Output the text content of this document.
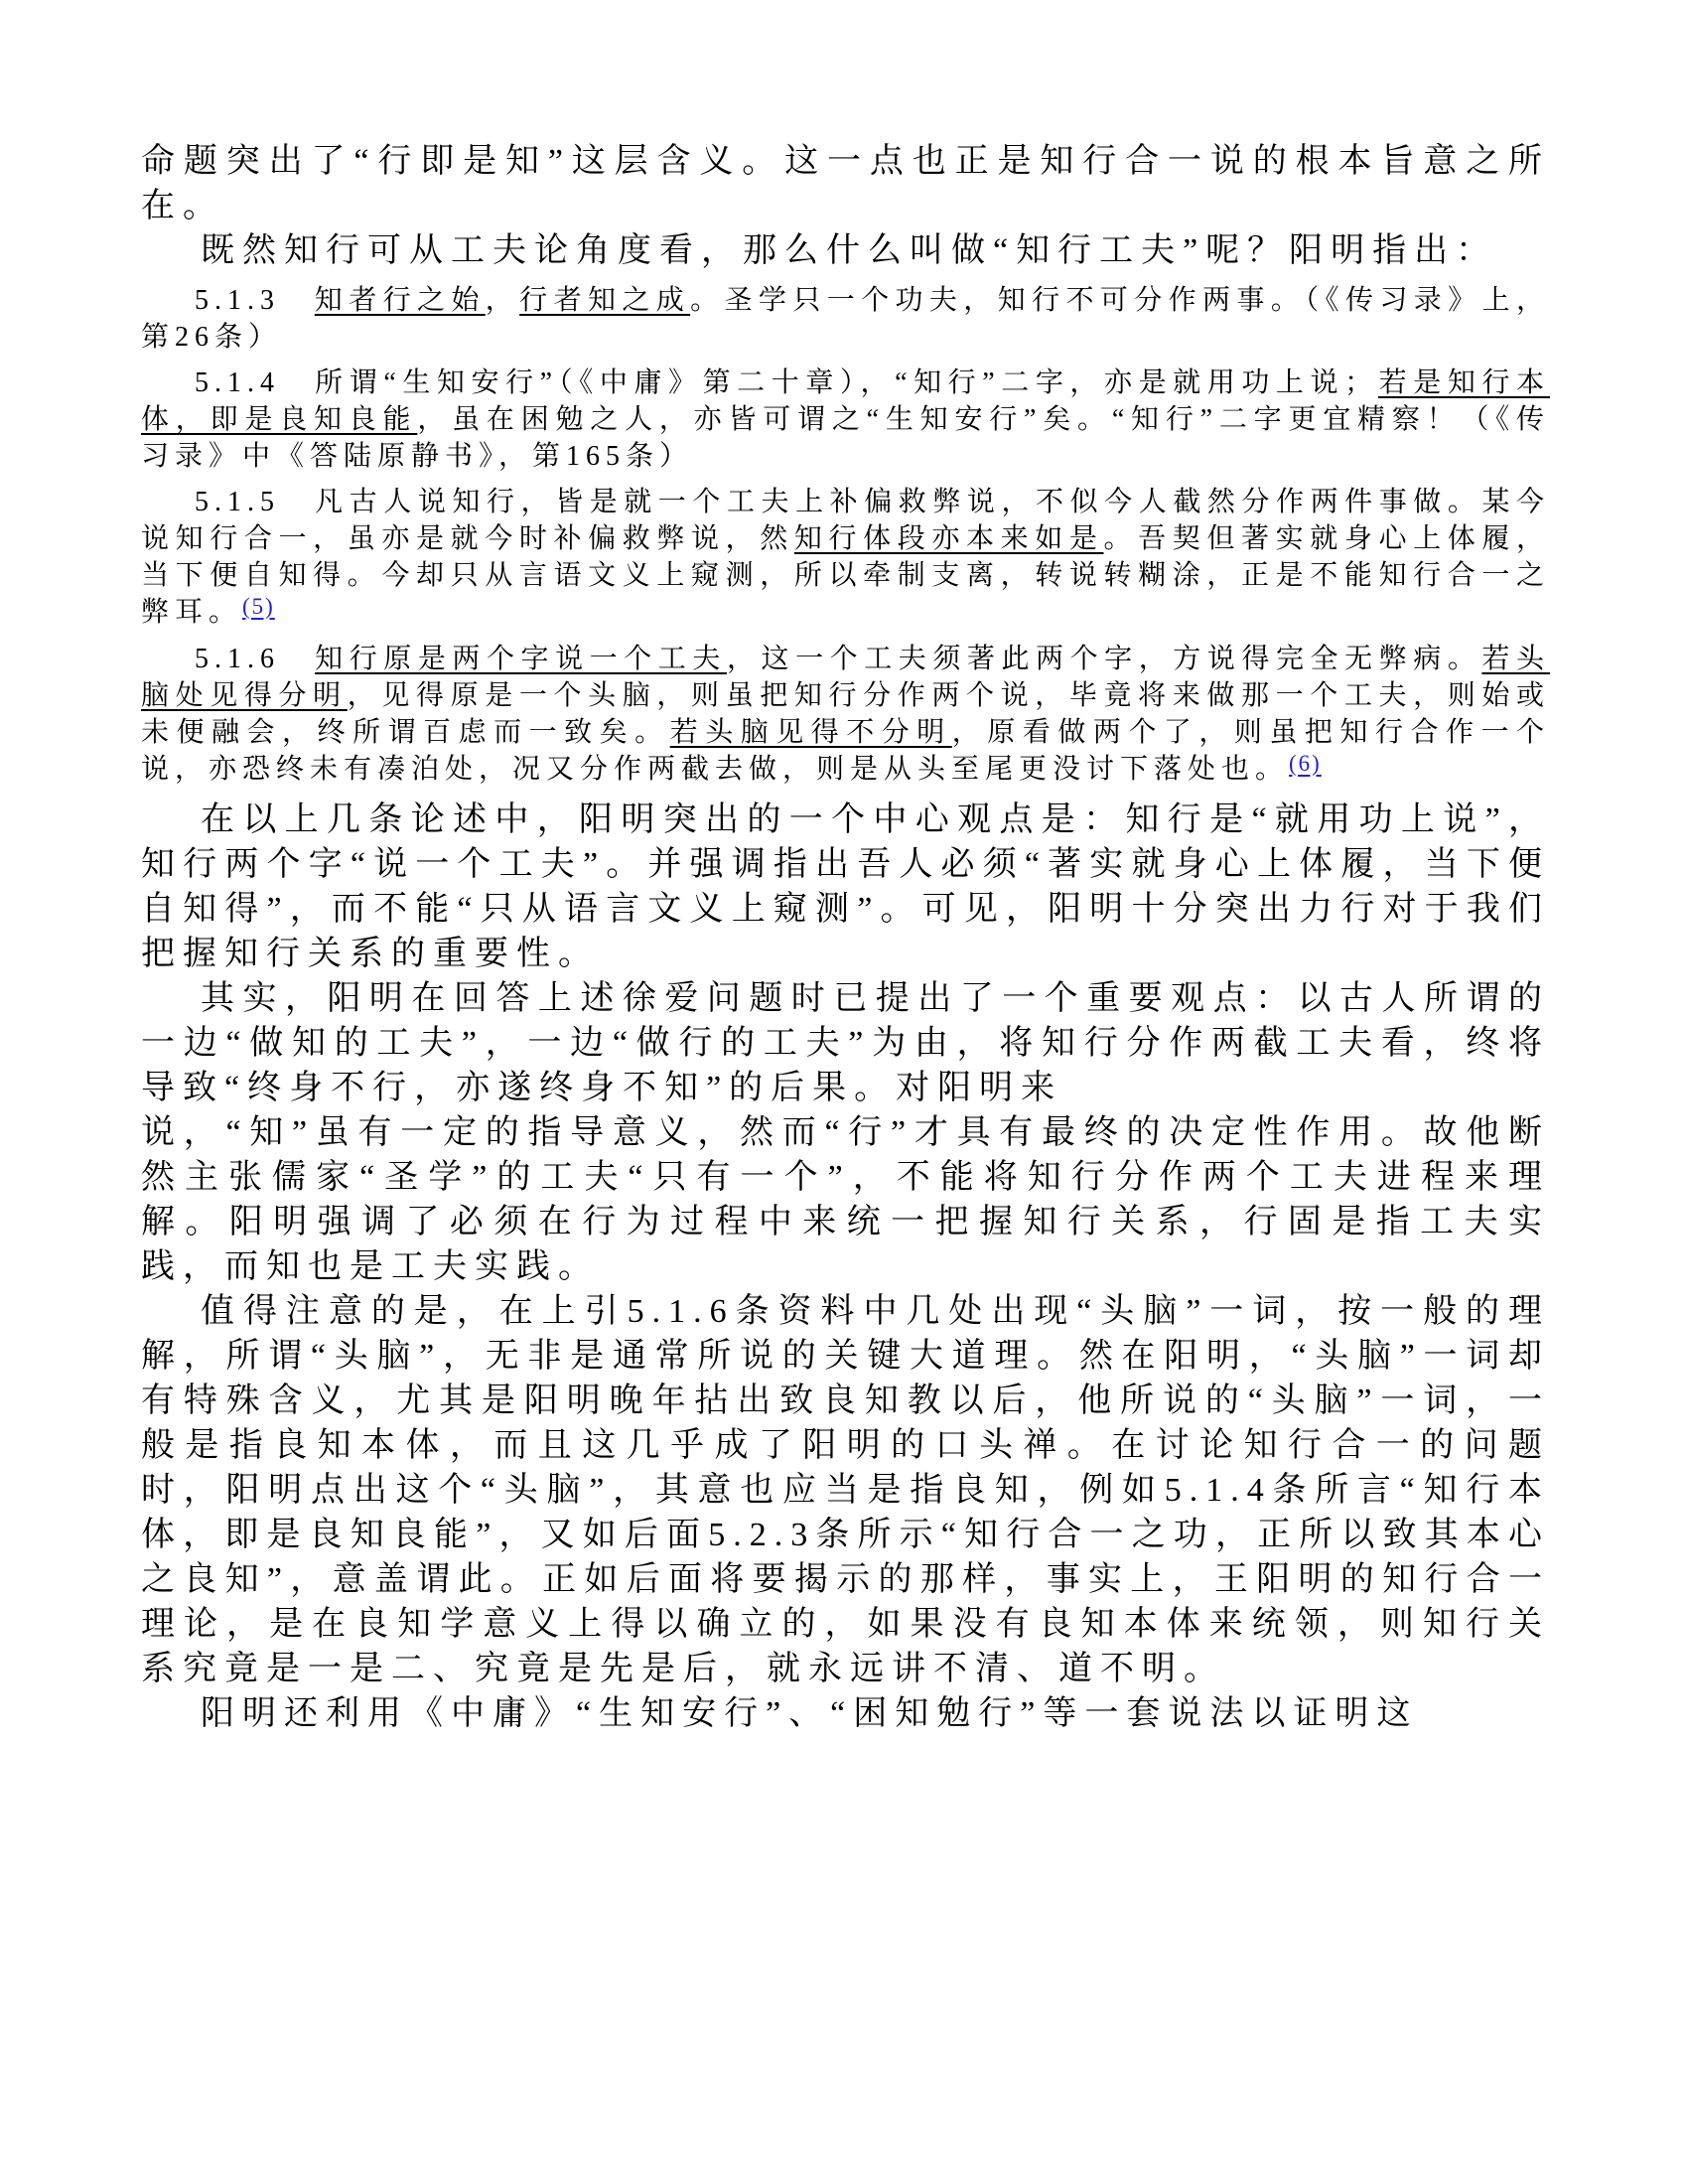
命题突出了“行即是知”这层含义。这一点也正是知行合一说的根本旨意之所在。

既然知行可从工夫论角度看，那么什么叫做“知行工夫”呢？阳明指出：

5.1.3　知者行之始，行者知之成。圣学只一个功夫，知行不可分作两事。（《传习录》上，第26条）

5.1.4　所谓“生知安行”（《中庸》第二十章），“知行”二字，亦是就用功上说；若是知行本体，即是良知良能，虽在困勉之人，亦皆可谓之“生知安行”矣。“知行”二字更宜精察！（《传习录》中《答陆原静书》，第165条）

5.1.5　凡古人说知行，皆是就一个工夫上补偏救弊说，不似今人截然分作两件事做。某今说知行合一，虽亦是就今时补偏救弊说，然知行体段亦本来如是。吾契但著实就身心上体履，当下便自知得。今却只从言语文义上窥测，所以牵制支离，转说转糊涂，正是不能知行合一之弊耳。$^{(5)}$

5.1.6　知行原是两个字说一个工夫，这一个工夫须著此两个字，方说得完全无弊病。若头脑处见得分明，见得原是一个头脑，则虽把知行分作两个说，毕竟将来做那一个工夫，则始或未便融会，终所谓百虑而一致矣。若头脑见得不分明，原看做两个了，则虽把知行合作一个说，亦恐终未有凑泊处，况又分作两截去做，则是从头至尾更没讨下落处也。$^{(6)}$

在以上几条论述中，阳明突出的一个中心观点是：知行是“就用功上说”，知行两个字“说一个工夫”。并强调指出吾人必须“著实就身心上体履，当下便自知得”，而不能“只从语言文义上窥测”。可见，阳明十分突出力行对于我们把握知行关系的重要性。

其实，阳明在回答上述徐爱问题时已提出了一个重要观点：以古人所谓的一边“做知的工夫”，一边“做行的工夫”为由，将知行分作两截工夫看，终将导致“终身不行，亦遂终身不知”的后果。对阳明来
说，“知”虽有一定的指导意义，然而“行”才具有最终的决定性作用。故他断然主张儒家“圣学”的工夫“只有一个”，不能将知行分作两个工夫进程来理解。阳明强调了必须在行为过程中来统一把握知行关系，行固是指工夫实践，而知也是工夫实践。

值得注意的是，在上引5.1.6条资料中几处出现“头脑”一词，按一般的理解，所谓“头脑”，无非是通常所说的关键大道理。然在阳明，“头脑”一词却有特殊含义，尤其是阳明晚年拈出致良知教以后，他所说的“头脑”一词，一般是指良知本体，而且这几乎成了阳明的口头禅。在讨论知行合一的问题时，阳明点出这个“头脑”，其意也应当是指良知，例如5.1.4条所言“知行本体，即是良知良能”，又如后面5.2.3条所示“知行合一之功，正所以致其本心之良知”，意盖谓此。正如后面将要揭示的那样，事实上，王阳明的知行合一理论，是在良知学意义上得以确立的，如果没有良知本体来统领，则知行关系究竟是一是二、究竟是先是后，就永远讲不清、道不明。

阳明还利用《中庸》“生知安行”、“困知勉行”等一套说法以证明这
